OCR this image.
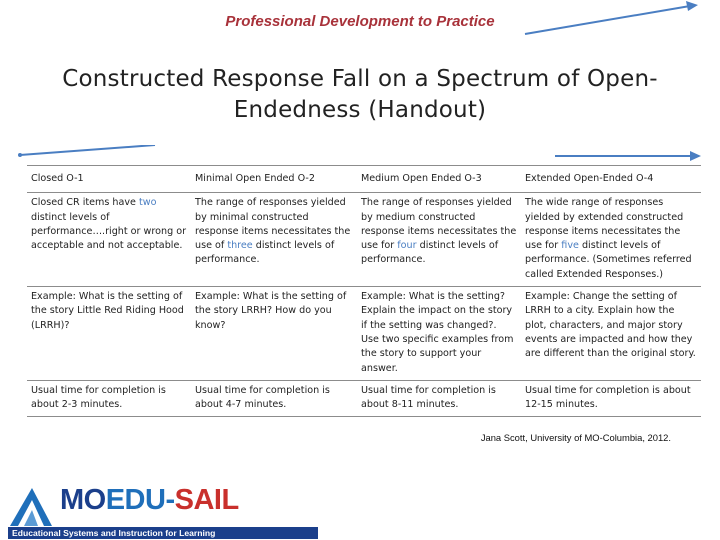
Professional Development to Practice
Constructed Response Fall on a Spectrum of Open-Endedness (Handout)
Closed O-1	Minimal Open Ended O-2	Medium Open Ended O-3	Extended Open-Ended O-4
Closed CR items have two distinct levels of performance….right or wrong or acceptable and not acceptable.	The range of responses yielded by minimal constructed response items necessitates the use of three distinct levels of performance.	The range of responses yielded by medium constructed response items necessitates the use for four distinct levels of performance.	The wide range of responses yielded by extended constructed response items necessitates the use for five distinct levels of performance. (Sometimes referred called Extended Responses.)
Example: What is the setting of the story Little Red Riding Hood (LRRH)?	Example: What is the setting of the story LRRH? How do you know?	Example: What is the setting? Explain the impact on the story if the setting was changed?. Use two specific examples from the story to support your answer.	Example: Change the setting of LRRH to a city. Explain how the plot, characters, and major story events are impacted and how they are different than the original story.
Usual time for completion is about 2-3 minutes.	Usual time for completion is about 4-7 minutes.	Usual time for completion is about 8-11 minutes.	Usual time for completion is about 12-15 minutes.
Jana Scott, University of MO-Columbia, 2012.
MOEDU-SAIL
Educational Systems and Instruction for Learning
